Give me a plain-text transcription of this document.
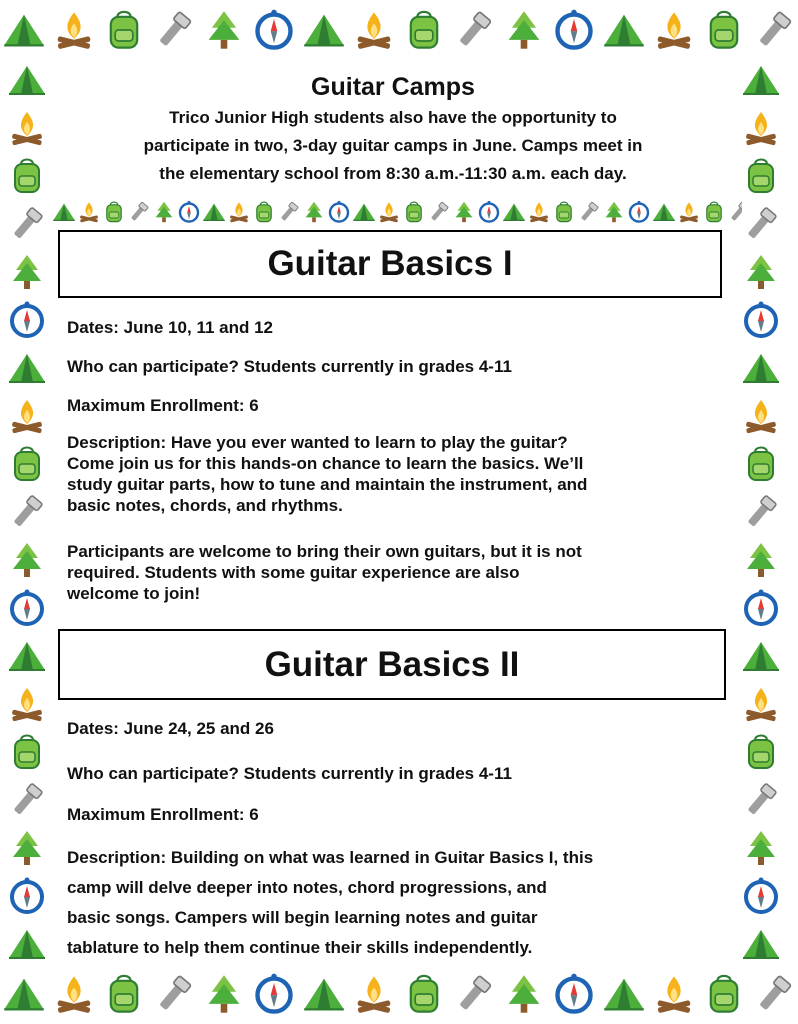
Guitar Camps

Trico Junior High students also have the opportunity to

participate in two, 3-day guitar camps in June. Camps meet in

the elementary school from 8:30 a.m.-11:30 a.m. each day.

Guitar Basics I

Dates: June 10, 11 and 12

Who can participate? Students currently in grades 4-11

Maximum Enrollment: 6

Description: Have you ever wanted to learn to play the guitar?
Come join us for this hands-on chance to learn the basics. We’ll
study guitar parts, how to tune and maintain the instrument, and
basic notes, chords, and rhythms.
Participants are welcome to bring their own guitars, but it is not
required. Students with some guitar experience are also
welcome to join!
Guitar Basics II

Dates: June 24, 25 and 26

Who can participate? Students currently in grades 4-11

Maximum Enrollment: 6

Description: Building on what was learned in Guitar Basics I, this
camp will delve deeper into notes, chord progressions, and
basic songs. Campers will begin learning notes and guitar
tablature to help them continue their skills independently.
